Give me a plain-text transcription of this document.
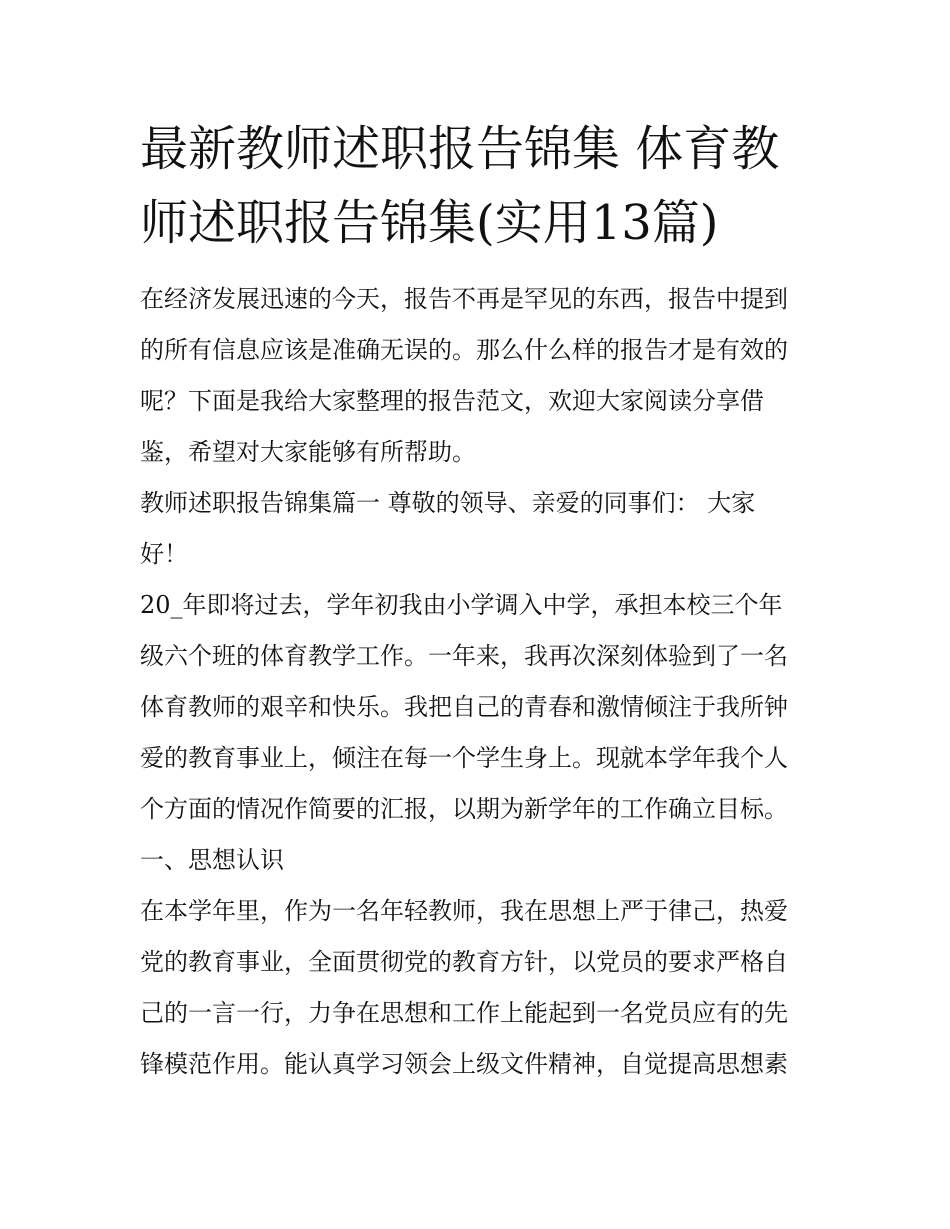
最新教师述职报告锦集 体育教
师述职报告锦集(实用13篇)
在经济发展迅速的今天，报告不再是罕见的东西，报告中提到
的所有信息应该是准确无误的。那么什么样的报告才是有效的
呢？下面是我给大家整理的报告范文，欢迎大家阅读分享借
鉴，希望对大家能够有所帮助。
教师述职报告锦集篇一 尊敬的领导、亲爱的同事们： 大家
好！
20_年即将过去，学年初我由小学调入中学，承担本校三个年
级六个班的体育教学工作。一年来，我再次深刻体验到了一名
体育教师的艰辛和快乐。我把自己的青春和激情倾注于我所钟
爱的教育事业上，倾注在每一个学生身上。现就本学年我个人
个方面的情况作简要的汇报，以期为新学年的工作确立目标。
一、思想认识
在本学年里，作为一名年轻教师，我在思想上严于律己，热爱
党的教育事业，全面贯彻党的教育方针，以党员的要求严格自
己的一言一行，力争在思想和工作上能起到一名党员应有的先
锋模范作用。能认真学习领会上级文件精神，自觉提高思想素
